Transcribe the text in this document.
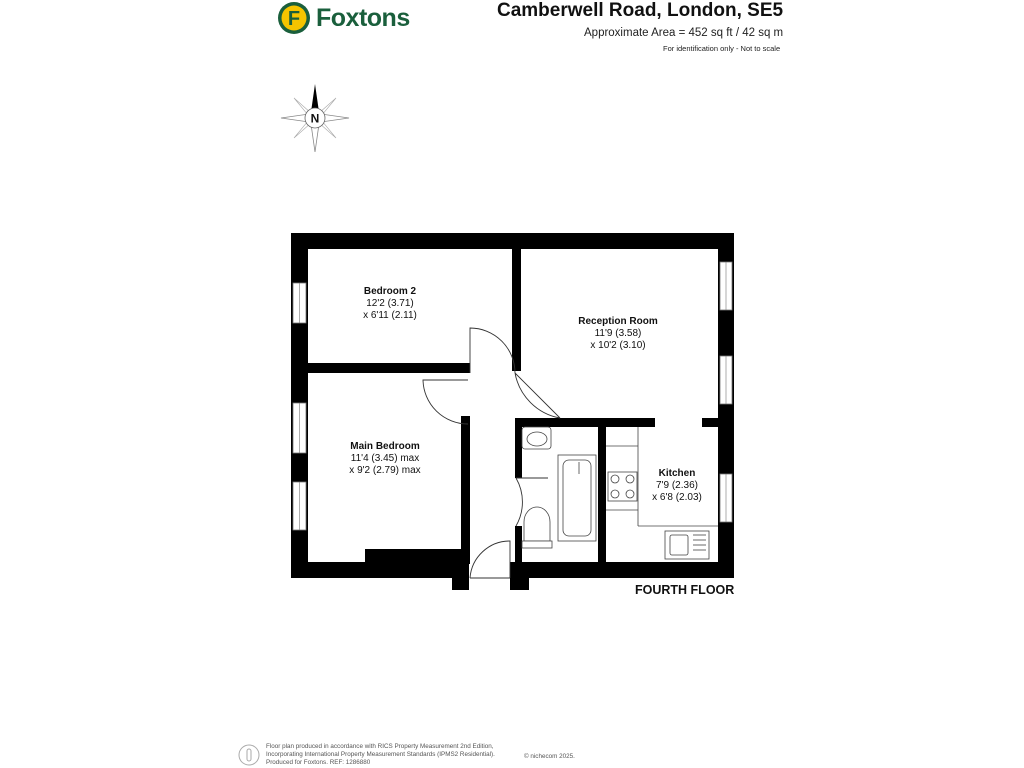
F Foxtons	Camberwell Road, London, SE5
Approximate Area = 452 sq ft / 42 sq m
For identification only - Not to scale
N
Bedroom 2
12'2 (3.71)
x 6'11 (2.11)
Reception Room
11'9 (3.58)
x 10'2 (3.10)
Main Bedroom
11'4 (3.45) max
x 9'2 (2.79) max	Kitchen
7'9 (2.36)
x 6'8 (2.03)
FOURTH FLOOR
Floor plan produced in accordance with RICS Property Measurement 2nd Edition,
Incorporating International Property Measurement Standards (IPMS2 Residential).
Produced for Foxtons. REF: 1286880
© nichecom 2025.
